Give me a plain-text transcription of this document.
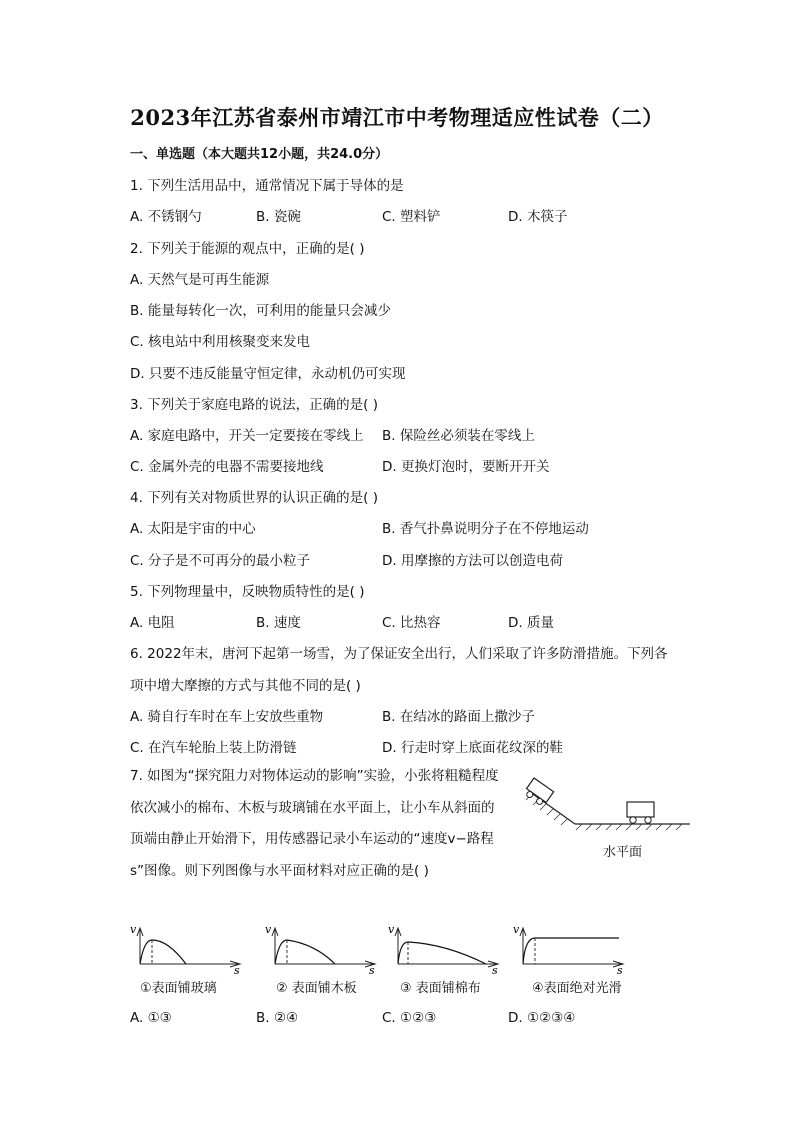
2023年江苏省泰州市靖江市中考物理适应性试卷（二）
一、单选题（本大题共12小题，共24.0分）
1. 下列生活用品中，通常情况下属于导体的是
A. 不锈钢勺	B. 瓷碗	C. 塑料铲	D. 木筷子
2. 下列关于能源的观点中，正确的是( )
A. 天然气是可再生能源
B. 能量每转化一次，可利用的能量只会减少
C. 核电站中利用核聚变来发电
D. 只要不违反能量守恒定律，永动机仍可实现
3. 下列关于家庭电路的说法，正确的是( )
A. 家庭电路中，开关一定要接在零线上 B. 保险丝必须装在零线上
C. 金属外壳的电器不需要接地线	D. 更换灯泡时，要断开开关
4. 下列有关对物质世界的认识正确的是( )
A. 太阳是宇宙的中心	B. 香气扑鼻说明分子在不停地运动
C. 分子是不可再分的最小粒子	D. 用摩擦的方法可以创造电荷
5. 下列物理量中，反映物质特性的是( )
A. 电阻	B. 速度	C. 比热容	D. 质量
6. 2022年末，唐河下起第一场雪，为了保证安全出行，人们采取了许多防滑措施。下列各
项中增大摩擦的方式与其他不同的是( )
A. 骑自行车时在车上安放些重物	B. 在结冰的路面上撒沙子
C. 在汽车轮胎上装上防滑链	D. 行走时穿上底面花纹深的鞋
7. 如图为“探究阻力对物体运动的影响”实验，小张将粗糙程度依次减小的棉布、木板与玻璃铺在水平面上，让小车从斜面的顶端由静止开始滑下，用传感器记录小车运动的“速度v−路程s”图像。则下列图像与水平面材料对应正确的是( )
水平面
v
s
v
s
v
s
v
s
①表面铺玻璃	② 表面铺木板	③ 表面铺棉布	④表面绝对光滑
A. ①③	B. ②④	C. ①②③	D. ①②③④
